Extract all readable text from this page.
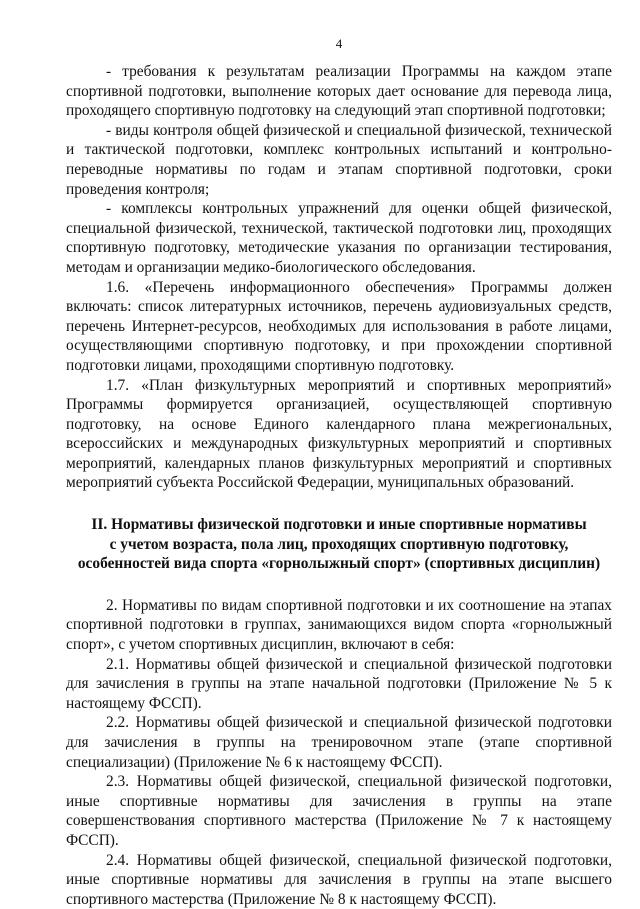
4

- требования к результатам реализации Программы на каждом этапе спортивной подготовки, выполнение которых дает основание для перевода лица, проходящего спортивную подготовку на следующий этап спортивной подготовки;

- виды контроля общей физической и специальной физической, технической и тактической подготовки, комплекс контрольных испытаний и контрольно-переводные нормативы по годам и этапам спортивной подготовки, сроки проведения контроля;

- комплексы контрольных упражнений для оценки общей физической, специальной физической, технической, тактической подготовки лиц, проходящих спортивную подготовку, методические указания по организации тестирования, методам и организации медико-биологического обследования.

1.6. «Перечень информационного обеспечения» Программы должен включать: список литературных источников, перечень аудиовизуальных средств, перечень Интернет-ресурсов, необходимых для использования в работе лицами, осуществляющими спортивную подготовку, и при прохождении спортивной подготовки лицами, проходящими спортивную подготовку.

1.7. «План физкультурных мероприятий и спортивных мероприятий» Программы формируется организацией, осуществляющей спортивную подготовку, на основе Единого календарного плана межрегиональных, всероссийских и международных физкультурных мероприятий и спортивных мероприятий, календарных планов физкультурных мероприятий и спортивных мероприятий субъекта Российской Федерации, муниципальных образований.

II. Нормативы физической подготовки и иные спортивные нормативы
с учетом возраста, пола лиц, проходящих спортивную подготовку,
особенностей вида спорта «горнолыжный спорт» (спортивных дисциплин)

2. Нормативы по видам спортивной подготовки и их соотношение на этапах спортивной подготовки в группах, занимающихся видом спорта «горнолыжный спорт», с учетом спортивных дисциплин, включают в себя:

2.1. Нормативы общей физической и специальной физической подготовки для зачисления в группы на этапе начальной подготовки (Приложение № 5 к настоящему ФССП).

2.2. Нормативы общей физической и специальной физической подготовки для зачисления в группы на тренировочном этапе (этапе спортивной специализации) (Приложение № 6 к настоящему ФССП).

2.3. Нормативы общей физической, специальной физической подготовки, иные спортивные нормативы для зачисления в группы на этапе совершенствования спортивного мастерства (Приложение № 7 к настоящему ФССП).

2.4. Нормативы общей физической, специальной физической подготовки, иные спортивные нормативы для зачисления в группы на этапе высшего спортивного мастерства (Приложение № 8 к настоящему ФССП).
